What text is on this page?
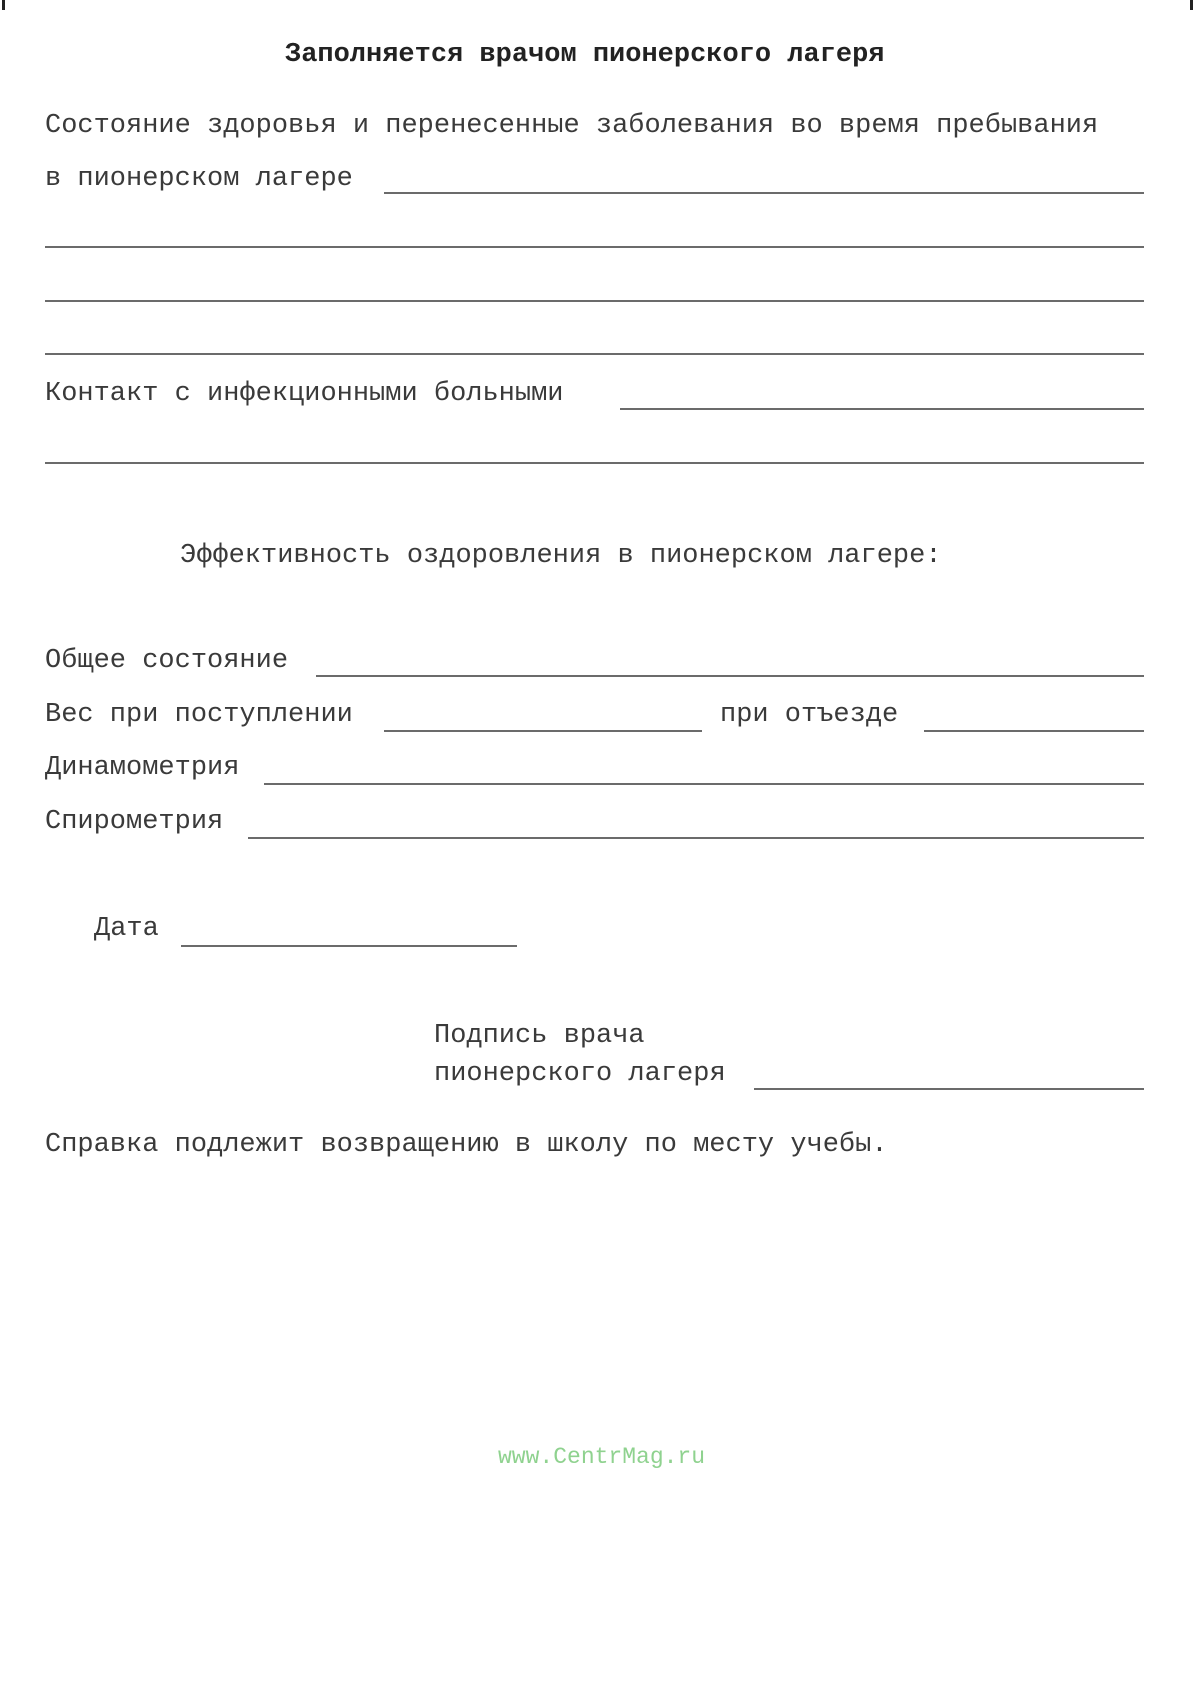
Заполняется врачом пионерского лагеря
Состояние здоровья и перенесенные заболевания во время пребывания
в пионерском лагере
Контакт с инфекционными больными
Эффективность оздоровления в пионерском лагере:
Общее состояние
Вес при поступлении	при отъезде
Динамометрия
Спирометрия
Дата
Подпись врача
пионерского лагеря
Справка подлежит возвращению в школу по месту учебы.
www.CentrMag.ru
